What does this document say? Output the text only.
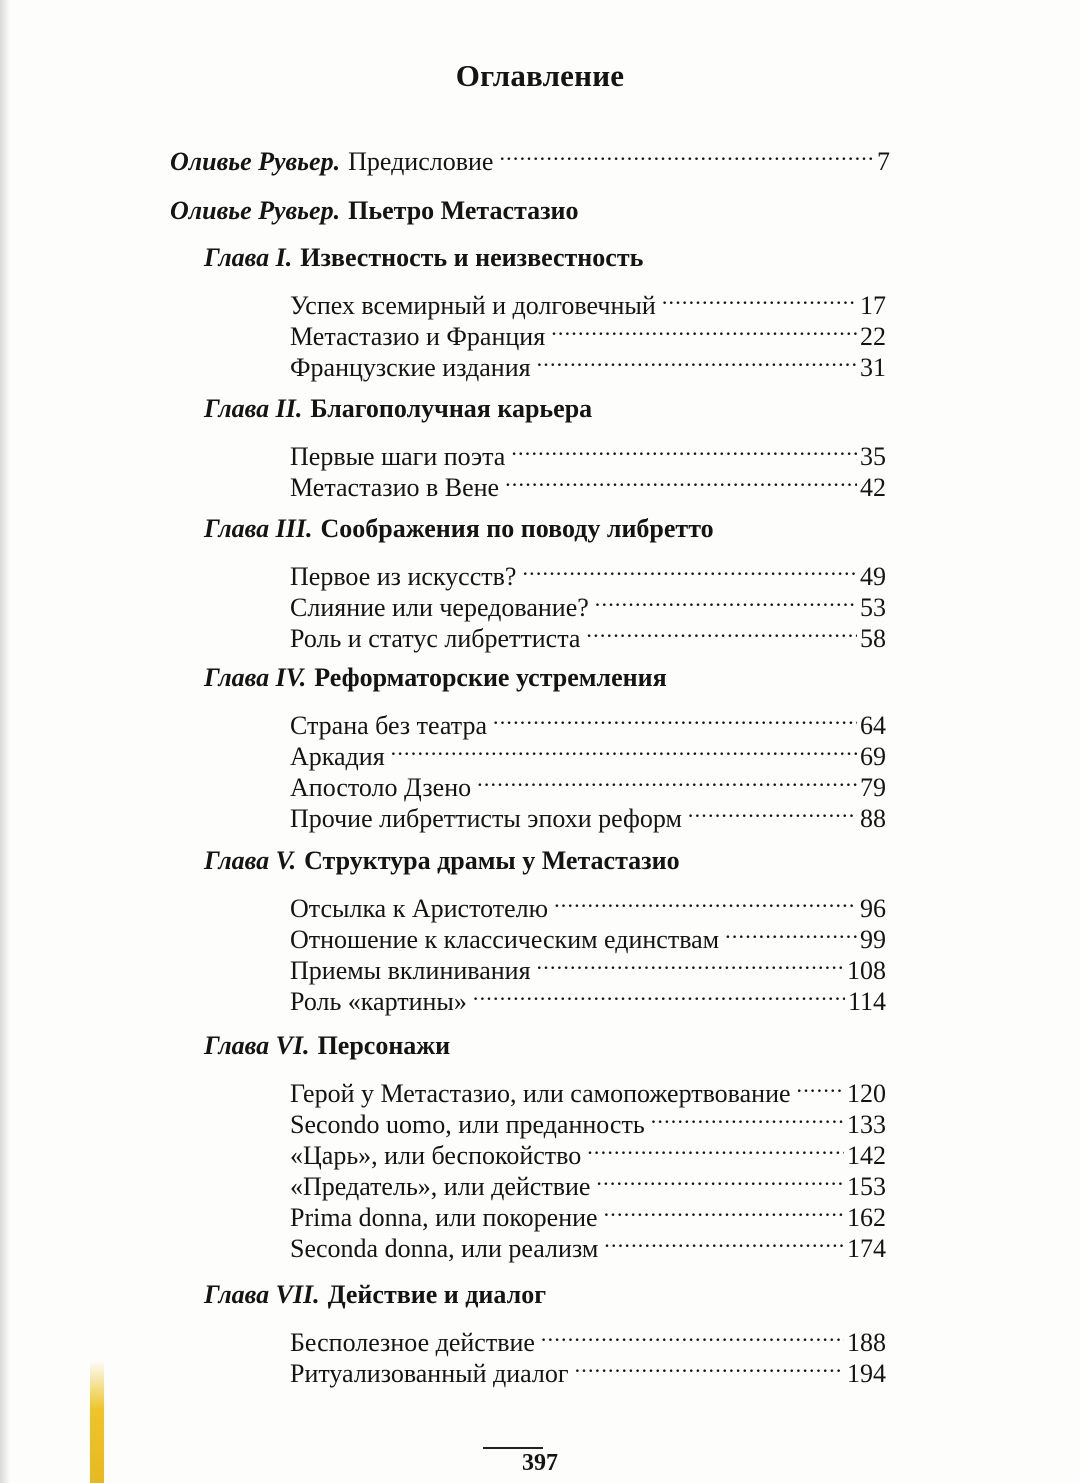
Оглавление
Оливье Рувьер. Предисловие .....	7
Оливье Рувьер. Пьетро Метастазио
Глава I. Известность и неизвестность
Успех всемирный и долговечный .....	17
Метастазио и Франция .....	22
Французские издания .....	31
Глава II. Благополучная карьера
Первые шаги поэта .....	35
Метастазио в Вене .....	42
Глава III. Соображения по поводу либретто
Первое из искусств? .....	49
Слияние или чередование? .....	53
Роль и статус либреттиста .....	58
Глава IV. Реформаторские устремления
Страна без театра .....	64
Аркадия .....	69
Апостоло Дзено .....	79
Прочие либреттисты эпохи реформ .....	88
Глава V. Структура драмы у Метастазио
Отсылка к Аристотелю .....	96
Отношение к классическим единствам .....	99
Приемы вклинивания .....	108
Роль «картины» .....	114
Глава VI. Персонажи
Герой у Метастазио, или самопожертвование ..... 120
Secondo uomo, или преданность .....	133
«Царь», или беспокойство .....	142
«Предатель», или действие .....	153
Prima donna, или покорение .....	162
Seconda donna, или реализм .....	174
Глава VII. Действие и диалог
Бесполезное действие .....	188
Ритуализованный диалог .....	194
397
